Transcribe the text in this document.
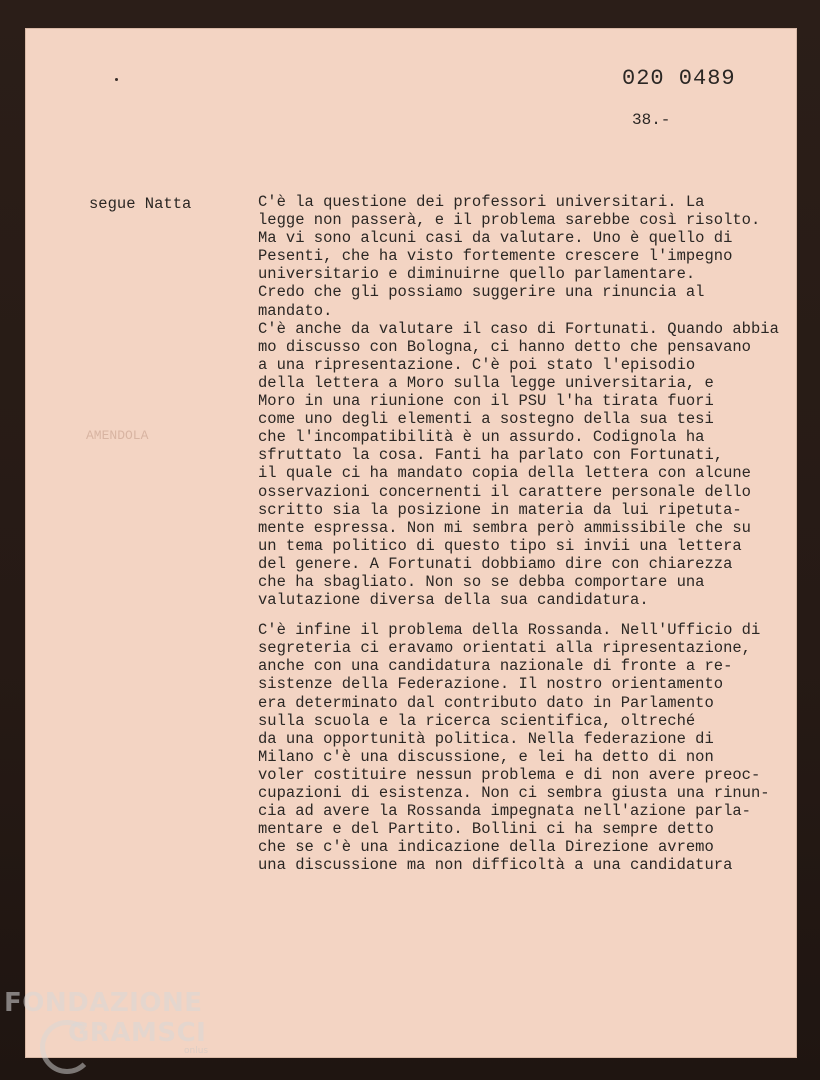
020 0489
38.-
segue Natta
AMENDOLA
C'è la questione dei professori universitari. La
legge non passerà, e il problema sarebbe così risolto.
Ma vi sono alcuni casi da valutare. Uno è quello di
Pesenti, che ha visto fortemente crescere l'impegno
universitario e diminuirne quello parlamentare.
Credo che gli possiamo suggerire una rinuncia al
mandato.
C'è anche da valutare il caso di Fortunati. Quando abbia
mo discusso con Bologna, ci hanno detto che pensavano
a una ripresentazione. C'è poi stato l'episodio
della lettera a Moro sulla legge universitaria, e
Moro in una riunione con il PSU l'ha tirata fuori
come uno degli elementi a sostegno della sua tesi
che l'incompatibilità è un assurdo. Codignola ha
sfruttato la cosa. Fanti ha parlato con Fortunati,
il quale ci ha mandato copia della lettera con alcune
osservazioni concernenti il carattere personale dello
scritto sia la posizione in materia da lui ripetuta-
mente espressa. Non mi sembra però ammissibile che su
un tema politico di questo tipo si invii una lettera
del genere. A Fortunati dobbiamo dire con chiarezza
che ha sbagliato. Non so se debba comportare una
valutazione diversa della sua candidatura.
C'è infine il problema della Rossanda. Nell'Ufficio di
segreteria ci eravamo orientati alla ripresentazione,
anche con una candidatura nazionale di fronte a re-
sistenze della Federazione. Il nostro orientamento
era determinato dal contributo dato in Parlamento
sulla scuola e la ricerca scientifica, oltreché
da una opportunità politica. Nella federazione di
Milano c'è una discussione, e lei ha detto di non
voler costituire nessun problema e di non avere preoc-
cupazioni di esistenza. Non ci sembra giusta una rinun-
cia ad avere la Rossanda impegnata nell'azione parla-
mentare e del Partito. Bollini ci ha sempre detto
che se c'è una indicazione della Direzione avremo
una discussione ma non difficoltà a una candidatura
FONDAZIONE
GRAMSCI
onlus
